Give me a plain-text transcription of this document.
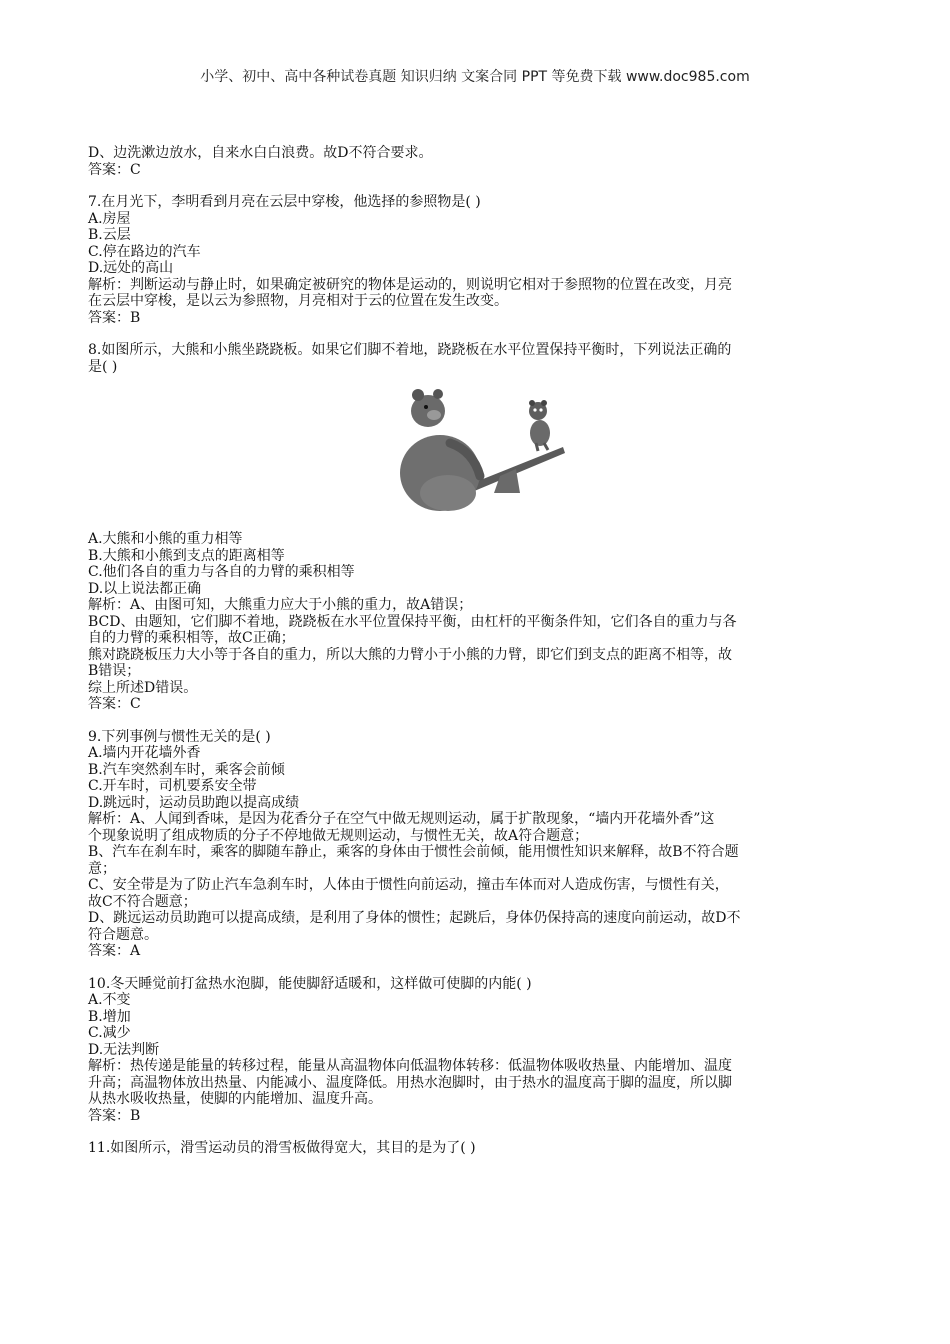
小学、初中、高中各种试卷真题 知识归纳 文案合同 PPT 等免费下载 www.doc985.com

D、边洗漱边放水，自来水白白浪费。故D不符合要求。

答案：C

7.在月光下，李明看到月亮在云层中穿梭，他选择的参照物是( )

A.房屋

B.云层

C.停在路边的汽车

D.远处的高山

解析：判断运动与静止时，如果确定被研究的物体是运动的，则说明它相对于参照物的位置在改变，月亮

在云层中穿梭，是以云为参照物，月亮相对于云的位置在发生改变。

答案：B

8.如图所示，大熊和小熊坐跷跷板。如果它们脚不着地，跷跷板在水平位置保持平衡时，下列说法正确的

是( )

A.大熊和小熊的重力相等

B.大熊和小熊到支点的距离相等

C.他们各自的重力与各自的力臂的乘积相等

D.以上说法都正确

解析：A、由图可知，大熊重力应大于小熊的重力，故A错误；

BCD、由题知，它们脚不着地，跷跷板在水平位置保持平衡，由杠杆的平衡条件知，它们各自的重力与各

自的力臂的乘积相等，故C正确；

熊对跷跷板压力大小等于各自的重力，所以大熊的力臂小于小熊的力臂，即它们到支点的距离不相等，故

B错误；

综上所述D错误。

答案：C

9.下列事例与惯性无关的是( )

A.墙内开花墙外香

B.汽车突然刹车时，乘客会前倾

C.开车时，司机要系安全带

D.跳远时，运动员助跑以提高成绩

解析：A、人闻到香味，是因为花香分子在空气中做无规则运动，属于扩散现象，“墙内开花墙外香”这

个现象说明了组成物质的分子不停地做无规则运动，与惯性无关，故A符合题意；

B、汽车在刹车时，乘客的脚随车静止，乘客的身体由于惯性会前倾，能用惯性知识来解释，故B不符合题

意；

C、安全带是为了防止汽车急刹车时，人体由于惯性向前运动，撞击车体而对人造成伤害，与惯性有关，

故C不符合题意；

D、跳远运动员助跑可以提高成绩，是利用了身体的惯性；起跳后，身体仍保持高的速度向前运动，故D不

符合题意。

答案：A

10.冬天睡觉前打盆热水泡脚，能使脚舒适暖和，这样做可使脚的内能( )

A.不变

B.增加

C.减少

D.无法判断

解析：热传递是能量的转移过程，能量从高温物体向低温物体转移：低温物体吸收热量、内能增加、温度

升高；高温物体放出热量、内能减小、温度降低。用热水泡脚时，由于热水的温度高于脚的温度，所以脚

从热水吸收热量，使脚的内能增加、温度升高。

答案：B

11.如图所示，滑雪运动员的滑雪板做得宽大，其目的是为了( )
